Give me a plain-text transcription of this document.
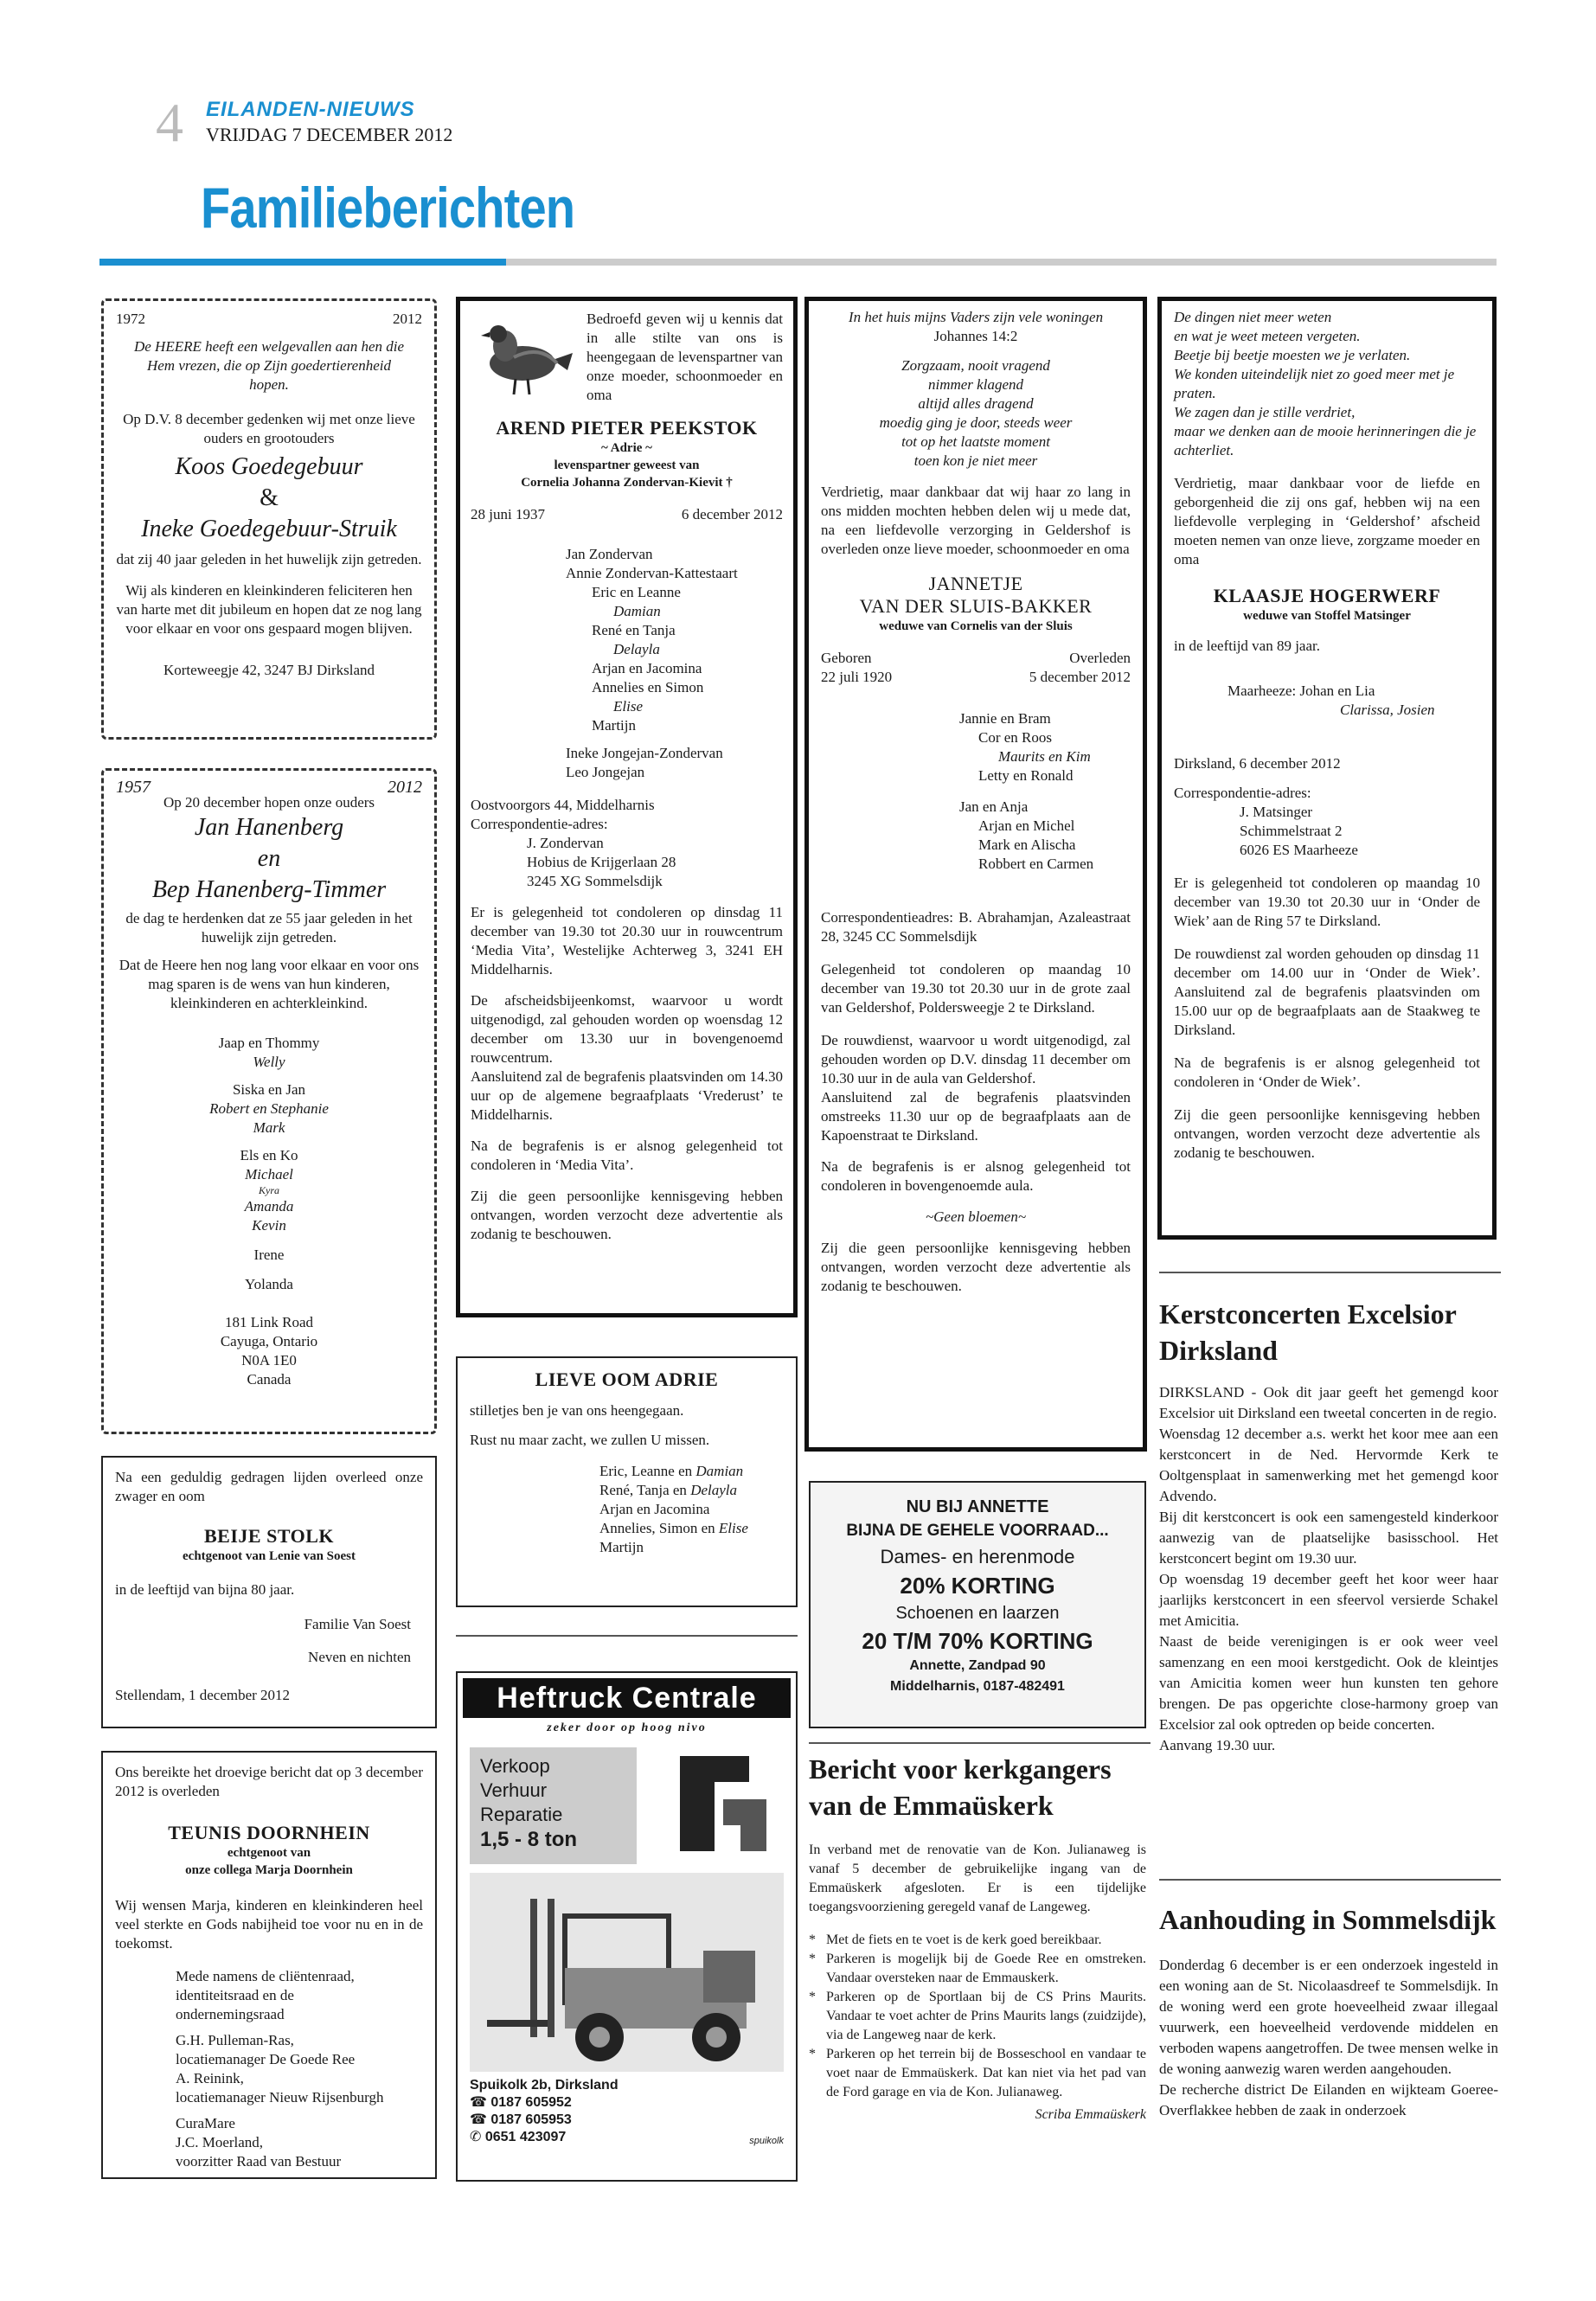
4 EILANDEN-NIEUWS
VRIJDAG 7 DECEMBER 2012
Familieberichten
1972	2012

De HEERE heeft een welgevallen aan hen die Hem vrezen, die op Zijn goedertierenheid hopen.

Op D.V. 8 december gedenken wij met onze lieve ouders en grootouders

Koos Goedegebuur

&

Ineke Goedegebuur-Struik

dat zij 40 jaar geleden in het huwelijk zijn getreden.

Wij als kinderen en kleinkinderen feliciteren hen van harte met dit jubileum en hopen dat ze nog lang voor elkaar en voor ons gespaard mogen blijven.

Korteweegje 42, 3247 BJ Dirksland

1957	2012

Op 20 december hopen onze ouders

Jan Hanenberg

en

Bep Hanenberg-Timmer

de dag te herdenken dat ze 55 jaar geleden in het huwelijk zijn getreden.

Dat de Heere hen nog lang voor elkaar en voor ons mag sparen is de wens van hun kinderen, kleinkinderen en achterkleinkind.

Jaap en Thommy

Welly

Siska en Jan

Robert en Stephanie

Mark

Els en Ko

Michael

Kyra

Amanda

Kevin

Irene

Yolanda

181 Link Road

Cayuga, Ontario

N0A 1E0

Canada

Na een geduldig gedragen lijden overleed onze zwager en oom

BEIJE STOLK

echtgenoot van Lenie van Soest

in de leeftijd van bijna 80 jaar.

Familie Van Soest

Neven en nichten

Stellendam, 1 december 2012

Ons bereikte het droevige bericht dat op 3 december 2012 is overleden

TEUNIS DOORNHEIN

echtgenoot van

onze collega Marja Doornhein

Wij wensen Marja, kinderen en kleinkinderen heel veel sterkte en Gods nabijheid toe voor nu en in de toekomst.

Mede namens de cliëntenraad,

identiteitsraad en de

ondernemingsraad

G.H. Pulleman-Ras,

locatiemanager De Goede Ree

A. Reinink,

locatiemanager Nieuw Rijsenburgh

CuraMare

J.C. Moerland,

voorzitter Raad van Bestuur

Bedroefd geven wij u kennis dat in alle stilte van ons is heengegaan de levenspartner van onze moeder, schoonmoeder en oma

AREND PIETER PEEKSTOK

~ Adrie ~

levenspartner geweest van

Cornelia Johanna Zondervan-Kievit †

28 juni 1937	6 december 2012

Jan Zondervan

Annie Zondervan-Kattestaart

Eric en Leanne

Damian

René en Tanja

Delayla

Arjan en Jacomina

Annelies en Simon

Elise

Martijn

Ineke Jongejan-Zondervan

Leo Jongejan

Oostvoorgors 44, Middelharnis

Correspondentie-adres:

J. Zondervan

Hobius de Krijgerlaan 28

3245 XG Sommelsdijk

Er is gelegenheid tot condoleren op dinsdag 11 december van 19.30 tot 20.30 uur in rouwcentrum ‘Media Vita’, Westelijke Achterweg 3, 3241 EH Middelharnis.

De afscheidsbijeenkomst, waarvoor u wordt uitgenodigd, zal gehouden worden op woensdag 12 december om 13.30 uur in bovengenoemd rouwcentrum.

Aansluitend zal de begrafenis plaatsvinden om 14.30 uur op de algemene begraafplaats ‘Vrederust’ te Middelharnis.

Na de begrafenis is er alsnog gelegenheid tot condoleren in ‘Media Vita’.

Zij die geen persoonlijke kennisgeving hebben ontvangen, worden verzocht deze advertentie als zodanig te beschouwen.

LIEVE OOM ADRIE

stilletjes ben je van ons heengegaan.

Rust nu maar zacht, we zullen U missen.

Eric, Leanne en Damian

René, Tanja en Delayla

Arjan en Jacomina

Annelies, Simon en Elise

Martijn

Heftruck Centrale

zeker door op hoog nivo

Verkoop

Verhuur

Reparatie

1,5 - 8 ton

Spuikolk 2b, Dirksland

☎ 0187 605952

☎ 0187 605953

✆ 0651 423097	spuikolk

In het huis mijns Vaders zijn vele woningen

Johannes 14:2

Zorgzaam, nooit vragend

nimmer klagend

altijd alles dragend

moedig ging je door, steeds weer

tot op het laatste moment

toen kon je niet meer

Verdrietig, maar dankbaar dat wij haar zo lang in ons midden mochten hebben delen wij u mede dat, na een liefdevolle verzorging in Geldershof is overleden onze lieve moeder, schoonmoeder en oma

JANNETJE

VAN DER SLUIS-BAKKER

weduwe van Cornelis van der Sluis

Geboren	Overleden
22 juli 1920	5 december 2012

Jannie en Bram

Cor en Roos

Maurits en Kim

Letty en Ronald

Jan en Anja

Arjan en Michel

Mark en Alischa

Robbert en Carmen

Correspondentieadres: B. Abrahamjan, Azaleastraat 28, 3245 CC Sommelsdijk

Gelegenheid tot condoleren op maandag 10 december van 19.30 tot 20.30 uur in de grote zaal van Geldershof, Poldersweegje 2 te Dirksland.

De rouwdienst, waarvoor u wordt uitgenodigd, zal gehouden worden op D.V. dinsdag 11 december om 10.30 uur in de aula van Geldershof.

Aansluitend zal de begrafenis plaatsvinden omstreeks 11.30 uur op de begraafplaats aan de Kapoenstraat te Dirksland.

Na de begrafenis is er alsnog gelegenheid tot condoleren in bovengenoemde aula.

~Geen bloemen~

Zij die geen persoonlijke kennisgeving hebben ontvangen, worden verzocht deze advertentie als zodanig te beschouwen.

NU BIJ ANNETTE

BIJNA DE GEHELE VOORRAAD...

Dames- en herenmode

20% KORTING

Schoenen en laarzen

20 T/M 70% KORTING

Annette, Zandpad 90

Middelharnis, 0187-482491

Bericht voor kerkgangers van de Emmaüskerk

In verband met de renovatie van de Kon. Julianaweg is vanaf 5 december de gebruikelijke ingang van de Emmaüskerk afgesloten. Er is een tijdelijke toegangsvoorziening geregeld vanaf de Langeweg.

* Met de fiets en te voet is de kerk goed bereikbaar.

* Parkeren is mogelijk bij de Goede Ree en omstreken. Vandaar oversteken naar de Emmauskerk.

* Parkeren op de Sportlaan bij de CS Prins Maurits. Vandaar te voet achter de Prins Maurits langs (zuidzijde), via de Langeweg naar de kerk.

* Parkeren op het terrein bij de Bosseschool en vandaar te voet naar de Emmaüskerk. Dat kan niet via het pad van de Ford garage en via de Kon. Julianaweg.

Scriba Emmaüskerk

De dingen niet meer weten

en wat je weet meteen vergeten.

Beetje bij beetje moesten we je verlaten.

We konden uiteindelijk niet zo goed meer met je praten.

We zagen dan je stille verdriet,

maar we denken aan de mooie herinneringen die je achterliet.

Verdrietig, maar dankbaar voor de liefde en geborgenheid die zij ons gaf, hebben wij na een liefdevolle verpleging in ‘Geldershof’ afscheid moeten nemen van onze lieve, zorgzame moeder en oma

KLAASJE HOGERWERF

weduwe van Stoffel Matsinger

in de leeftijd van 89 jaar.

Maarheeze: Johan en Lia

Clarissa, Josien

Dirksland, 6 december 2012

Correspondentie-adres:

J. Matsinger

Schimmelstraat 2

6026 ES Maarheeze

Er is gelegenheid tot condoleren op maandag 10 december van 19.30 tot 20.30 uur in ‘Onder de Wiek’ aan de Ring 57 te Dirksland.

De rouwdienst zal worden gehouden op dinsdag 11 december om 14.00 uur in ‘Onder de Wiek’. Aansluitend zal de begrafenis plaatsvinden om 15.00 uur op de begraafplaats aan de Staakweg te Dirksland.

Na de begrafenis is er alsnog gelegenheid tot condoleren in ‘Onder de Wiek’.

Zij die geen persoonlijke kennisgeving hebben ontvangen, worden verzocht deze advertentie als zodanig te beschouwen.

Kerstconcerten Excelsior Dirksland

DIRKSLAND - Ook dit jaar geeft het gemengd koor Excelsior uit Dirksland een tweetal concerten in de regio.

Woensdag 12 december a.s. werkt het koor mee aan een kerstconcert in de Ned. Hervormde Kerk te Ooltgensplaat in samenwerking met het gemengd koor Advendo.

Bij dit kerstconcert is ook een samengesteld kinderkoor aanwezig van de plaatselijke basisschool. Het kerstconcert begint om 19.30 uur.

Op woensdag 19 december geeft het koor weer haar jaarlijks kerstconcert in een sfeervol versierde Schakel met Amicitia.

Naast de beide verenigingen is er ook weer veel samenzang en een mooi kerstgedicht. Ook de kleintjes van Amicitia komen weer hun kunsten ten gehore brengen. De pas opgerichte close-harmony groep van Excelsior zal ook optreden op beide concerten.

Aanvang 19.30 uur.

Aanhouding in Sommelsdijk

Donderdag 6 december is er een onderzoek ingesteld in een woning aan de St. Nicolaasdreef te Sommelsdijk. In de woning werd een grote hoeveelheid zwaar illegaal vuurwerk, een hoeveelheid verdovende middelen en verboden wapens aangetroffen. De twee mensen welke in de woning aanwezig waren werden aangehouden.

De recherche district De Eilanden en wijkteam Goeree-Overflakkee hebben de zaak in onderzoek
